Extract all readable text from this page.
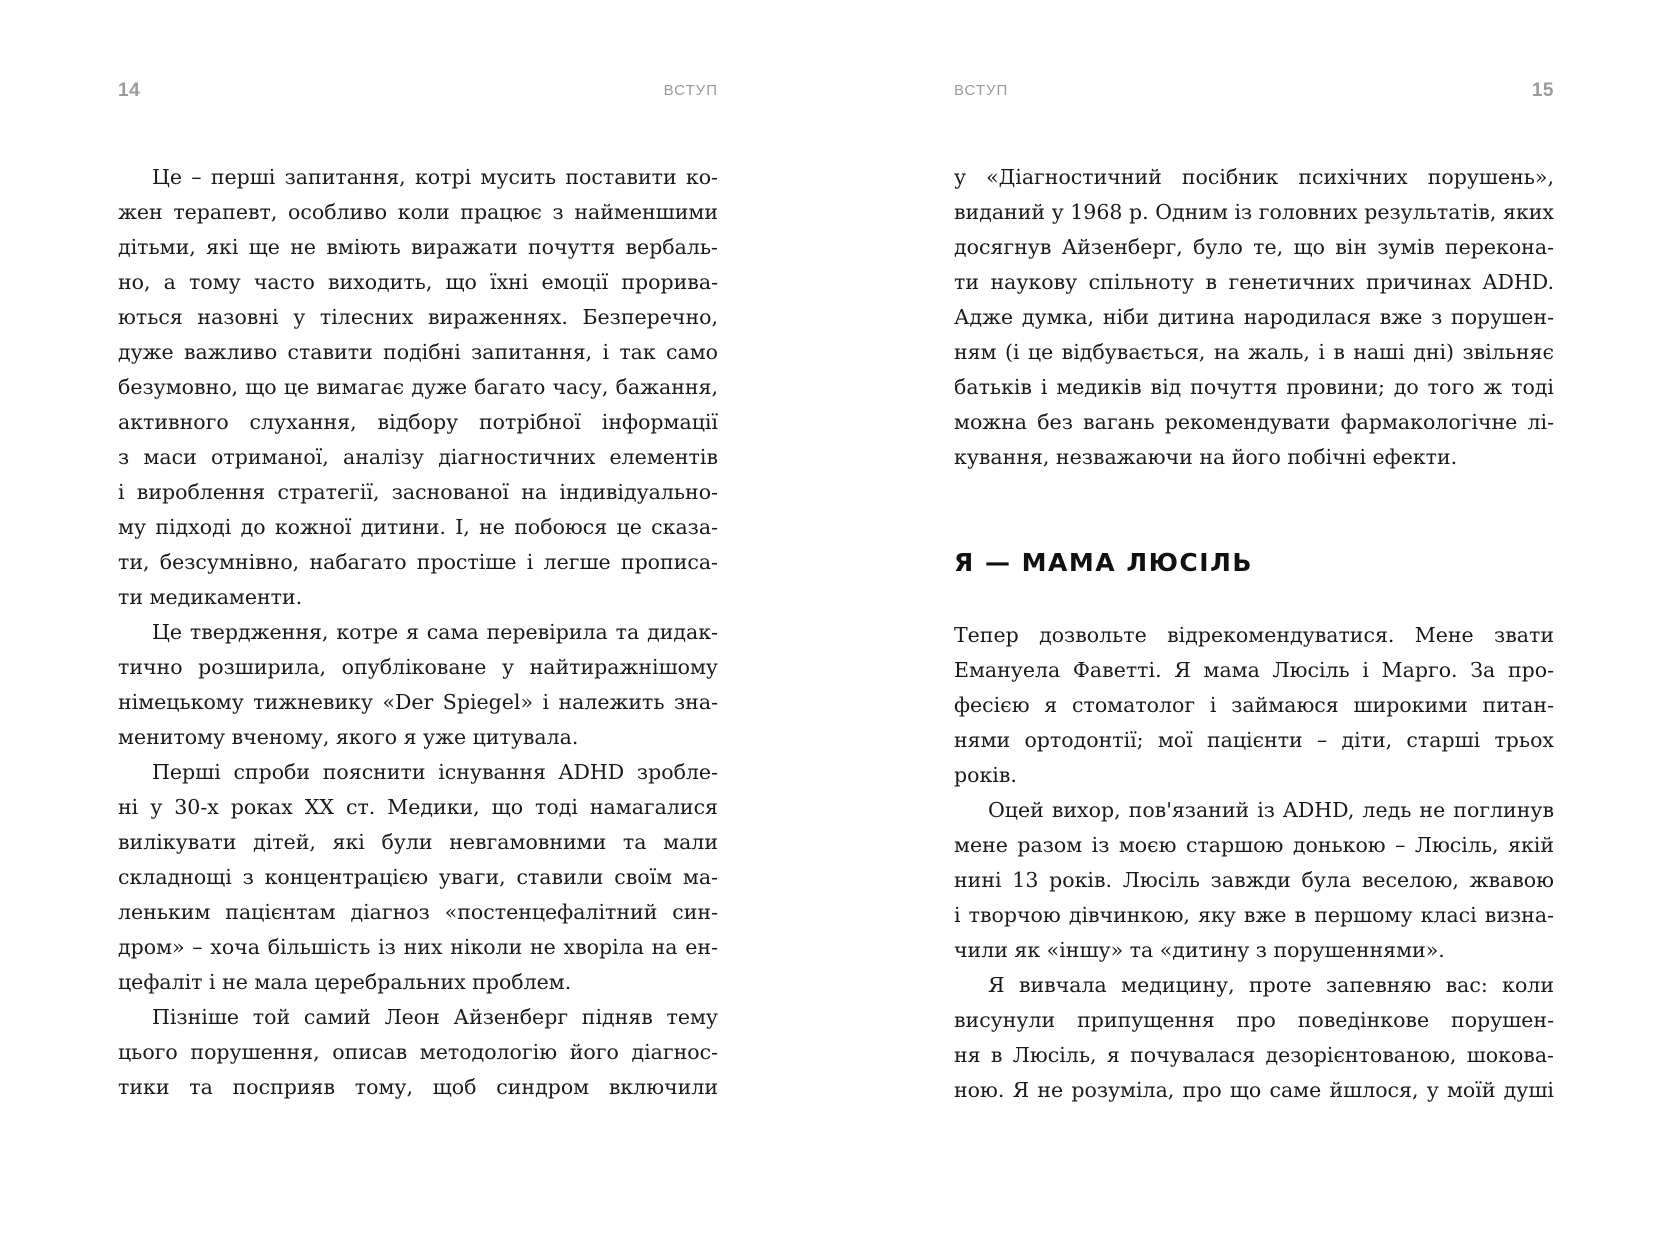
14	ВСТУП
Це – перші запитання, котрі мусить поставити ко-
жен терапевт, особливо коли працює з найменшими
дітьми, які ще не вміють виражати почуття вербаль-
но, а тому часто виходить, що їхні емоції прорива-
ються назовні у тілесних вираженнях. Безперечно,
дуже важливо ставити подібні запитання, і так само
безумовно, що це вимагає дуже багато часу, бажання,
активного слухання, відбору потрібної інформації
з маси отриманої, аналізу діагностичних елементів
і вироблення стратегії, заснованої на індивідуально-
му підході до кожної дитини. І, не побоюся це сказа-
ти, безсумнівно, набагато простіше і легше прописа-
ти медикаменти.
Це твердження, котре я сама перевірила та дидак-
тично розширила, опубліковане у найтиражнішому
німецькому тижневику «Der Spiegel» і належить зна-
менитому вченому, якого я уже цитувала.
Перші спроби пояснити існування ADHD зробле-
ні у 30-х роках XX ст. Медики, що тоді намагалися
вилікувати дітей, які були невгамовними та мали
складнощі з концентрацією уваги, ставили своїм ма-
леньким пацієнтам діагноз «постенцефалітний син-
дром» – хоча більшість із них ніколи не хворіла на ен-
цефаліт і не мала церебральних проблем.
Пізніше той самий Леон Айзенберг підняв тему
цього порушення, описав методологію його діагнос-
тики та посприяв тому, щоб синдром включили
ВСТУП	15
у «Діагностичний посібник психічних порушень»,
виданий у 1968 р. Одним із головних результатів, яких
досягнув Айзенберг, було те, що він зумів переконa-
ти наукову спільноту в генетичних причинах ADHD.
Адже думка, ніби дитина народилася вже з порушен-
ням (і це відбувається, на жаль, і в наші дні) звільняє
батьків і медиків від почуття провини; до того ж тоді
можна без вагань рекомендувати фармакологічне лі-
кування, незважаючи на його побічні ефекти.
Я — МАМА ЛЮСІЛЬ
Тепер дозвольте відрекомендуватися. Мене звати
Емануела Фаветті. Я мама Люсіль і Марго. За про-
фесією я стоматолог і займаюся широкими питан-
нями ортодонтії; мої пацієнти – діти, старші трьох
років.
Оцей вихор, пов'язаний із ADHD, ледь не поглинув
мене разом із моєю старшою донькою – Люсіль, якій
нині 13 років. Люсіль завжди була веселою, жвавою
і творчою дівчинкою, яку вже в першому класі визна-
чили як «іншу» та «дитину з порушеннями».
Я вивчала медицину, проте запевняю вас: коли
висунули припущення про поведінкове порушен-
ня в Люсіль, я почувалася дезорієнтованою, шокова-
ною. Я не розуміла, про що саме йшлося, у моїй душі
